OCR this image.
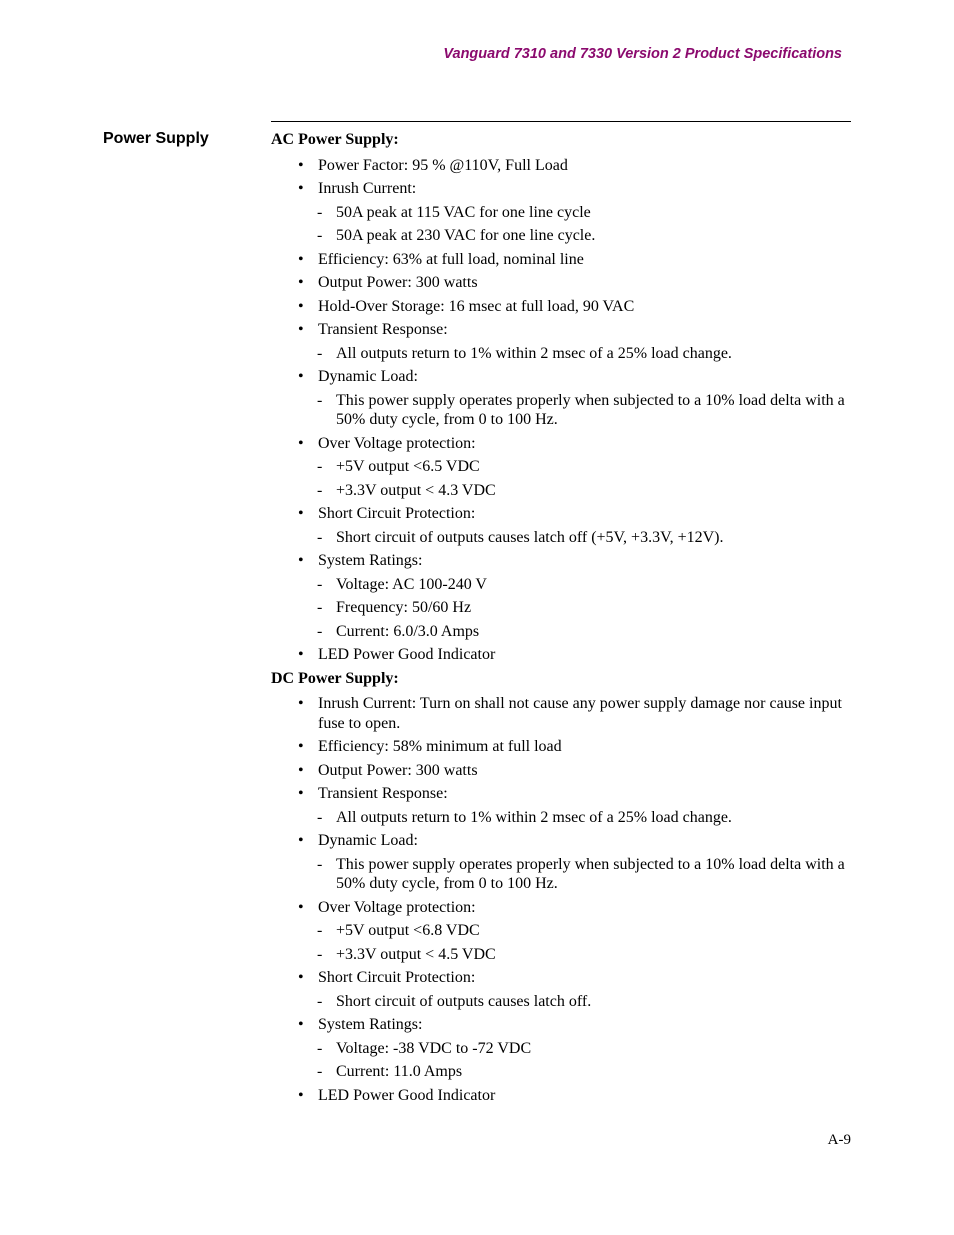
Vanguard 7310 and 7330 Version 2 Product Specifications
Power Supply	AC Power Supply:
• Power Factor: 95 % @110V, Full Load
• Inrush Current:
- 50A peak at 115 VAC for one line cycle
- 50A peak at 230 VAC for one line cycle.
• Efficiency: 63% at full load, nominal line
• Output Power: 300 watts
• Hold-Over Storage: 16 msec at full load, 90 VAC
• Transient Response:
- All outputs return to 1% within 2 msec of a 25% load change.
• Dynamic Load:
- This power supply operates properly when subjected to a 10% load delta with a 50% duty cycle, from 0 to 100 Hz.
• Over Voltage protection:
- +5V output <6.5 VDC
- +3.3V output < 4.3 VDC
• Short Circuit Protection:
- Short circuit of outputs causes latch off (+5V, +3.3V, +12V).
• System Ratings:
- Voltage: AC 100-240 V
- Frequency: 50/60 Hz
- Current: 6.0/3.0 Amps
• LED Power Good Indicator
DC Power Supply:
• Inrush Current: Turn on shall not cause any power supply damage nor cause input fuse to open.
• Efficiency: 58% minimum at full load
• Output Power: 300 watts
• Transient Response:
- All outputs return to 1% within 2 msec of a 25% load change.
• Dynamic Load:
- This power supply operates properly when subjected to a 10% load delta with a 50% duty cycle, from 0 to 100 Hz.
• Over Voltage protection:
- +5V output <6.8 VDC
- +3.3V output < 4.5 VDC
• Short Circuit Protection:
- Short circuit of outputs causes latch off.
• System Ratings:
- Voltage: -38 VDC to -72 VDC
- Current: 11.0 Amps
• LED Power Good Indicator
A-9
